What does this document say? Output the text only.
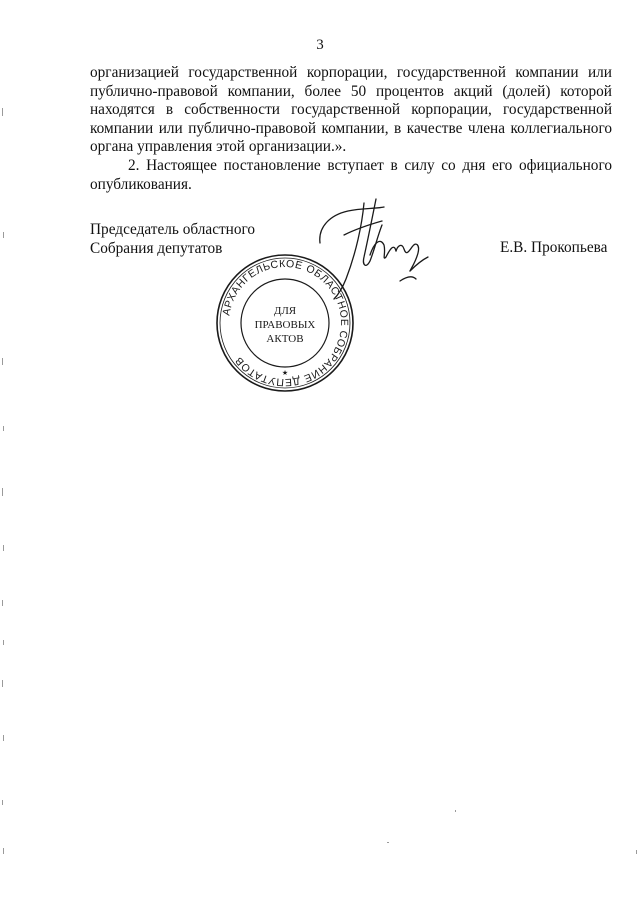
3

организацией государственной корпорации, государственной компании или публично-правовой компании, более 50 процентов акций (долей) которой находятся в собственности государственной корпорации, государственной компании или публично-правовой компании, в качестве члена коллегиального органа управления этой организации.».

2. Настоящее постановление вступает в силу со дня его официального опубликования.

Председатель областного
Собрания депутатов	Е.В. Прокопьева
АРХАНГЕЛЬСКОЕ ОБЛАСТНОЕ СОБРАНИЕ ДЕПУТАТОВ
★
ДЛЯ
ПРАВОВЫХ
АКТОВ
